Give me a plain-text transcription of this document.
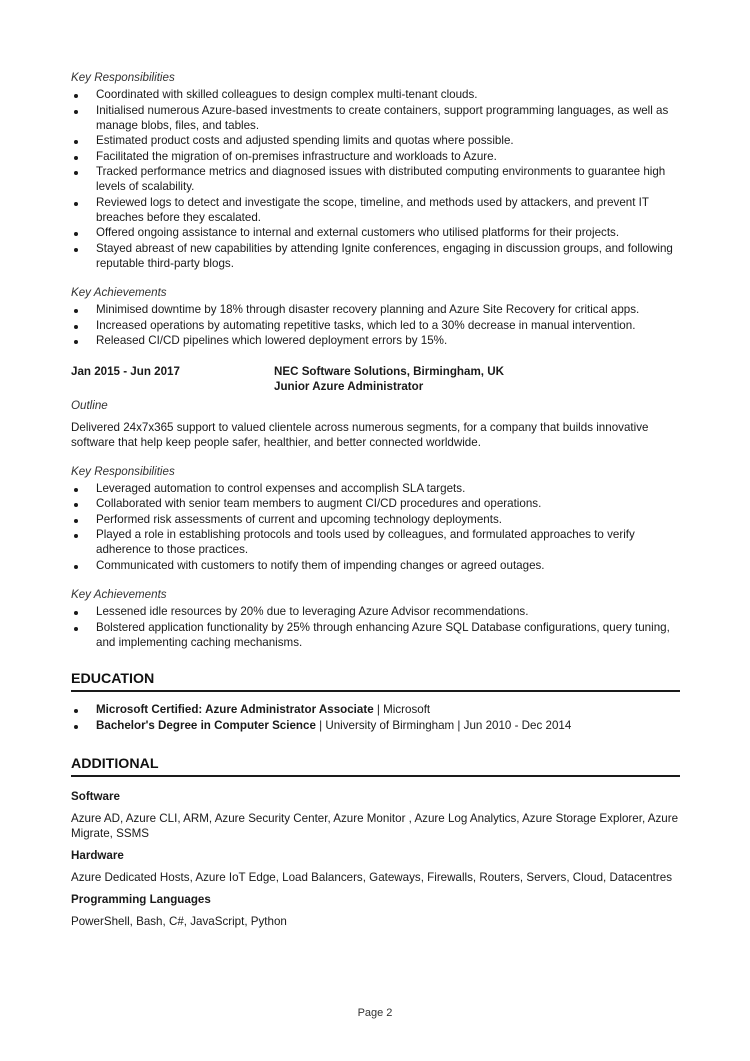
Key Responsibilities
Coordinated with skilled colleagues to design complex multi-tenant clouds.
Initialised numerous Azure-based investments to create containers, support programming languages, as well as manage blobs, files, and tables.
Estimated product costs and adjusted spending limits and quotas where possible.
Facilitated the migration of on-premises infrastructure and workloads to Azure.
Tracked performance metrics and diagnosed issues with distributed computing environments to guarantee high levels of scalability.
Reviewed logs to detect and investigate the scope, timeline, and methods used by attackers, and prevent IT breaches before they escalated.
Offered ongoing assistance to internal and external customers who utilised platforms for their projects.
Stayed abreast of new capabilities by attending Ignite conferences, engaging in discussion groups, and following reputable third-party blogs.
Key Achievements
Minimised downtime by 18% through disaster recovery planning and Azure Site Recovery for critical apps.
Increased operations by automating repetitive tasks, which led to a 30% decrease in manual intervention.
Released CI/CD pipelines which lowered deployment errors by 15%.
Jan 2015 - Jun 2017	NEC Software Solutions, Birmingham, UK
Junior Azure Administrator
Outline

Delivered 24x7x365 support to valued clientele across numerous segments, for a company that builds innovative software that help keep people safer, healthier, and better connected worldwide.

Key Responsibilities
Leveraged automation to control expenses and accomplish SLA targets.
Collaborated with senior team members to augment CI/CD procedures and operations.
Performed risk assessments of current and upcoming technology deployments.
Played a role in establishing protocols and tools used by colleagues, and formulated approaches to verify adherence to those practices.
Communicated with customers to notify them of impending changes or agreed outages.
Key Achievements
Lessened idle resources by 20% due to leveraging Azure Advisor recommendations.
Bolstered application functionality by 25% through enhancing Azure SQL Database configurations, query tuning, and implementing caching mechanisms.
EDUCATION
Microsoft Certified: Azure Administrator Associate | Microsoft
Bachelor's Degree in Computer Science | University of Birmingham | Jun 2010 - Dec 2014
ADDITIONAL
Software

Azure AD, Azure CLI, ARM, Azure Security Center, Azure Monitor , Azure Log Analytics, Azure Storage Explorer, Azure Migrate, SSMS

Hardware

Azure Dedicated Hosts, Azure IoT Edge, Load Balancers, Gateways, Firewalls, Routers, Servers, Cloud, Datacentres

Programming Languages

PowerShell, Bash, C#, JavaScript, Python

Page 2
